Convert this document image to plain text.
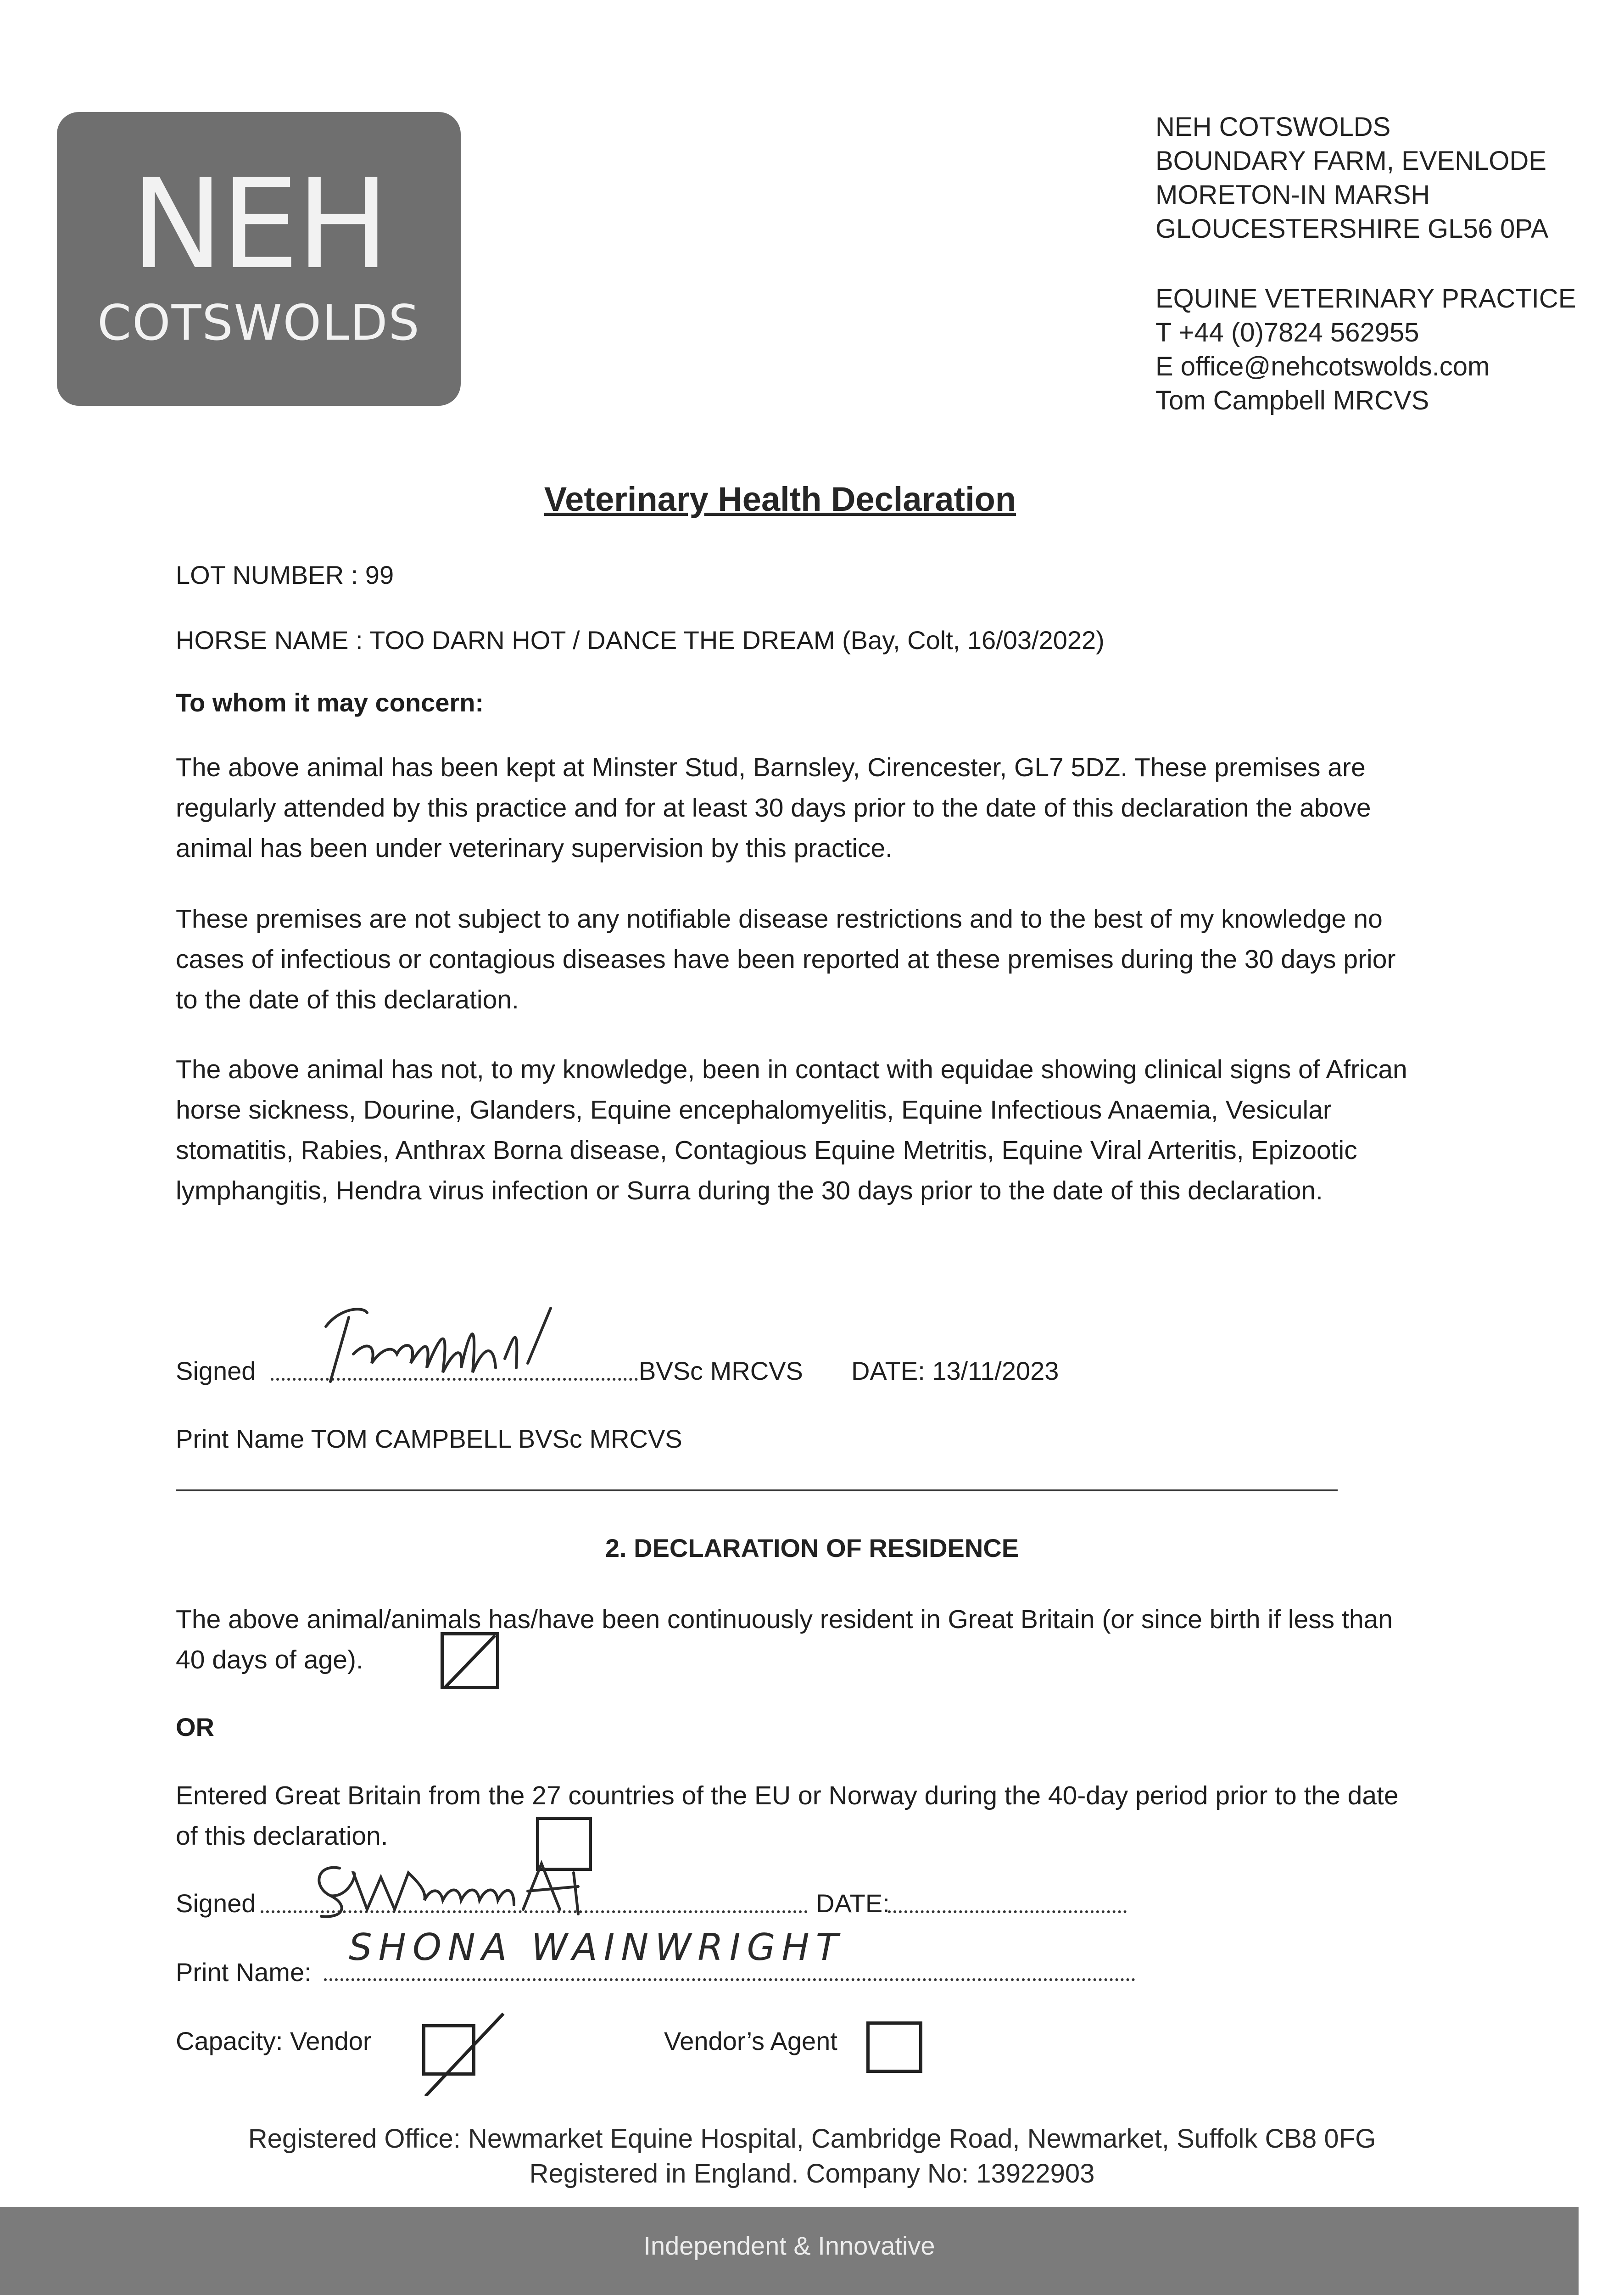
NEH
COTSWOLDS
NEH COTSWOLDS
BOUNDARY FARM, EVENLODE
MORETON-IN MARSH
GLOUCESTERSHIRE GL56 0PA
EQUINE VETERINARY PRACTICE
T +44 (0)7824 562955
E office@nehcotswolds.com
Tom Campbell MRCVS
Veterinary Health Declaration
LOT NUMBER : 99
HORSE NAME : TOO DARN HOT / DANCE THE DREAM (Bay, Colt, 16/03/2022)
To whom it may concern:
The above animal has been kept at Minster Stud, Barnsley, Cirencester, GL7 5DZ. These premises are regularly attended by this practice and for at least 30 days prior to the date of this declaration the above animal has been under veterinary supervision by this practice.
These premises are not subject to any notifiable disease restrictions and to the best of my knowledge no cases of infectious or contagious diseases have been reported at these premises during the 30 days prior to the date of this declaration.
The above animal has not, to my knowledge, been in contact with equidae showing clinical signs of African horse sickness, Dourine, Glanders, Equine encephalomyelitis, Equine Infectious Anaemia, Vesicular stomatitis, Rabies, Anthrax Borna disease, Contagious Equine Metritis, Equine Viral Arteritis, Epizootic lymphangitis, Hendra virus infection or Surra during the 30 days prior to the date of this declaration.
Signed	BVSc MRCVS DATE: 13/11/2023
Print Name TOM CAMPBELL BVSc MRCVS
2. DECLARATION OF RESIDENCE
The above animal/animals has/have been continuously resident in Great Britain (or since birth if less than 40 days of age).
OR
Entered Great Britain from the 27 countries of the EU or Norway during the 40-day period prior to the date of this declaration.
Signed	DATE:
Print Name:
SHONA WAINWRIGHT
Capacity: Vendor	Vendor’s Agent
Registered Office: Newmarket Equine Hospital, Cambridge Road, Newmarket, Suffolk CB8 0FG
Registered in England. Company No: 13922903
Independent & Innovative
